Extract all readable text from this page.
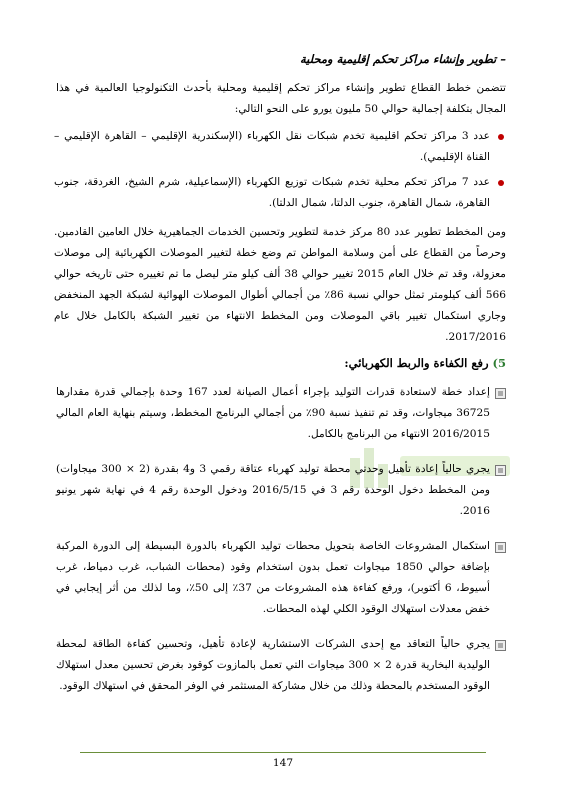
– تطوير وإنشاء مراكز تحكم إقليمية ومحلية
تتضمن خطط القطاع تطوير وإنشاء مراكز تحكم إقليمية ومحلية بأحدث التكنولوجيا العالمية في هذا المجال بتكلفة إجمالية حوالي 50 مليون يورو على النحو التالي:
عدد 3 مراكز تحكم اقليمية تخدم شبكات نقل الكهرباء (الإسكندرية الإقليمي – القاهرة الإقليمي –القناة الإقليمي).
عدد 7 مراكز تحكم محلية تخدم شبكات توزيع الكهرباء (الإسماعيلية، شرم الشيخ، الغردقة، جنوب القاهرة، شمال القاهرة، جنوب الدلتا، شمال الدلتا).
ومن المخطط تطوير عدد 80 مركز خدمة لتطوير وتحسين الخدمات الجماهيرية خلال العامين القادمين. وحرصاً من القطاع على أمن وسلامة المواطن تم وضع خطة لتغيير الموصلات الكهربائية إلى موصلات معزولة، وقد تم خلال العام 2015 تغيير حوالي 38 ألف كيلو متر ليصل ما تم تغييره حتى تاريخه حوالي 566 ألف كيلومتر تمثل حوالي نسبة 86٪ من أجمالي أطوال الموصلات الهوائية لشبكة الجهد المنخفض وجاري استكمال تغيير باقي الموصلات ومن المخطط الانتهاء من تغيير الشبكة بالكامل خلال عام 2017/2016.
5) رفع الكفاءة والربط الكهربائي:
إعداد خطة لاستعادة قدرات التوليد بإجراء أعمال الصيانة لعدد 167 وحدة بإجمالي قدرة مقدارها 36725 ميجاوات، وقد تم تنفيذ نسبة 90٪ من أجمالي البرنامج المخطط، وسيتم بنهاية العام المالي 2016/2015 الانتهاء من البرنامج بالكامل.
يجري حالياً إعادة تأهيل وحدتي محطة توليد كهرباء عتاقة رقمي 3 و4 بقدرة (2 × 300 ميجاوات) ومن المخطط دخول الوحدة رقم 3 في 2016/5/15 ودخول الوحدة رقم 4 في نهاية شهر يونيو 2016.
استكمال المشروعات الخاصة بتحويل محطات توليد الكهرباء بالدورة البسيطة إلى الدورة المركبة بإضافة حوالي 1850 ميجاوات تعمل بدون استخدام وقود (محطات الشباب، غرب دمياط، غرب أسيوط، 6 أكتوبر)، ورفع كفاءة هذه المشروعات من 37٪ إلى 50٪، وما لذلك من أثر إيجابي في خفض معدلات استهلاك الوقود الكلي لهذه المحطات.
يجري حالياً التعاقد مع إحدى الشركات الاستشارية لإعادة تأهيل، وتحسين كفاءة الطاقة لمحطة الوليدية البخارية قدرة 2 × 300 ميجاوات التي تعمل بالمازوت كوقود بغرض تحسين معدل استهلاك الوقود المستخدم بالمحطة وذلك من خلال مشاركة المستثمر في الوفر المحقق في استهلاك الوقود.
147
